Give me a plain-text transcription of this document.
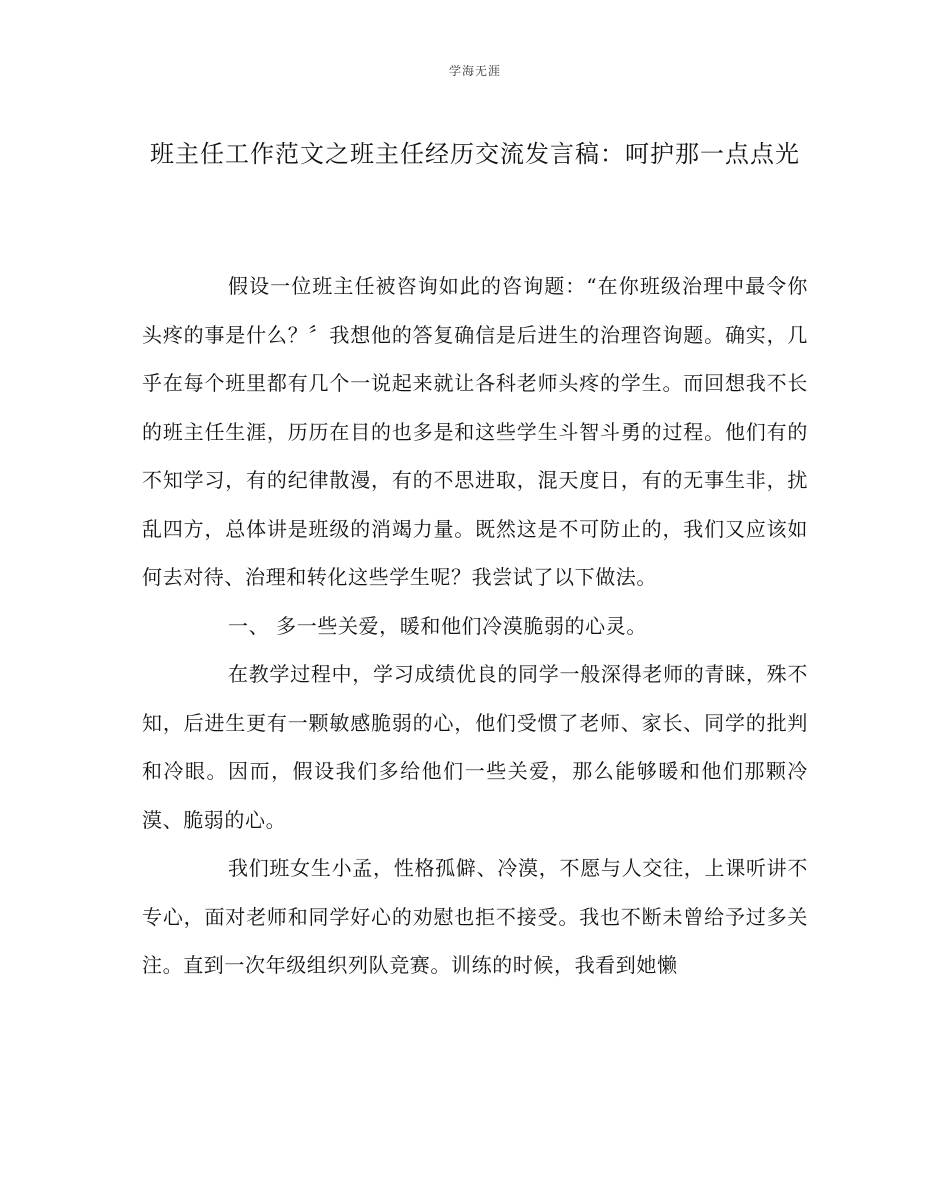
学海无涯
班主任工作范文之班主任经历交流发言稿：呵护那一点点光

假设一位班主任被咨询如此的咨询题：“在你班级治理中最令你头疼的事是什么？〞我想他的答复确信是后进生的治理咨询题。确实，几乎在每个班里都有几个一说起来就让各科老师头疼的学生。而回想我不长的班主任生涯，历历在目的也多是和这些学生斗智斗勇的过程。他们有的不知学习，有的纪律散漫，有的不思进取，混天度日，有的无事生非，扰乱四方，总体讲是班级的消竭力量。既然这是不可防止的，我们又应该如何去对待、治理和转化这些学生呢？我尝试了以下做法。

一、 多一些关爱，暖和他们冷漠脆弱的心灵。

在教学过程中，学习成绩优良的同学一般深得老师的青睐，殊不知，后进生更有一颗敏感脆弱的心，他们受惯了老师、家长、同学的批判和冷眼。因而，假设我们多给他们一些关爱，那么能够暖和他们那颗冷漠、脆弱的心。

我们班女生小孟，性格孤僻、冷漠，不愿与人交往，上课听讲不专心，面对老师和同学好心的劝慰也拒不接受。我也不断未曾给予过多关注。直到一次年级组织列队竞赛。训练的时候，我看到她懒
